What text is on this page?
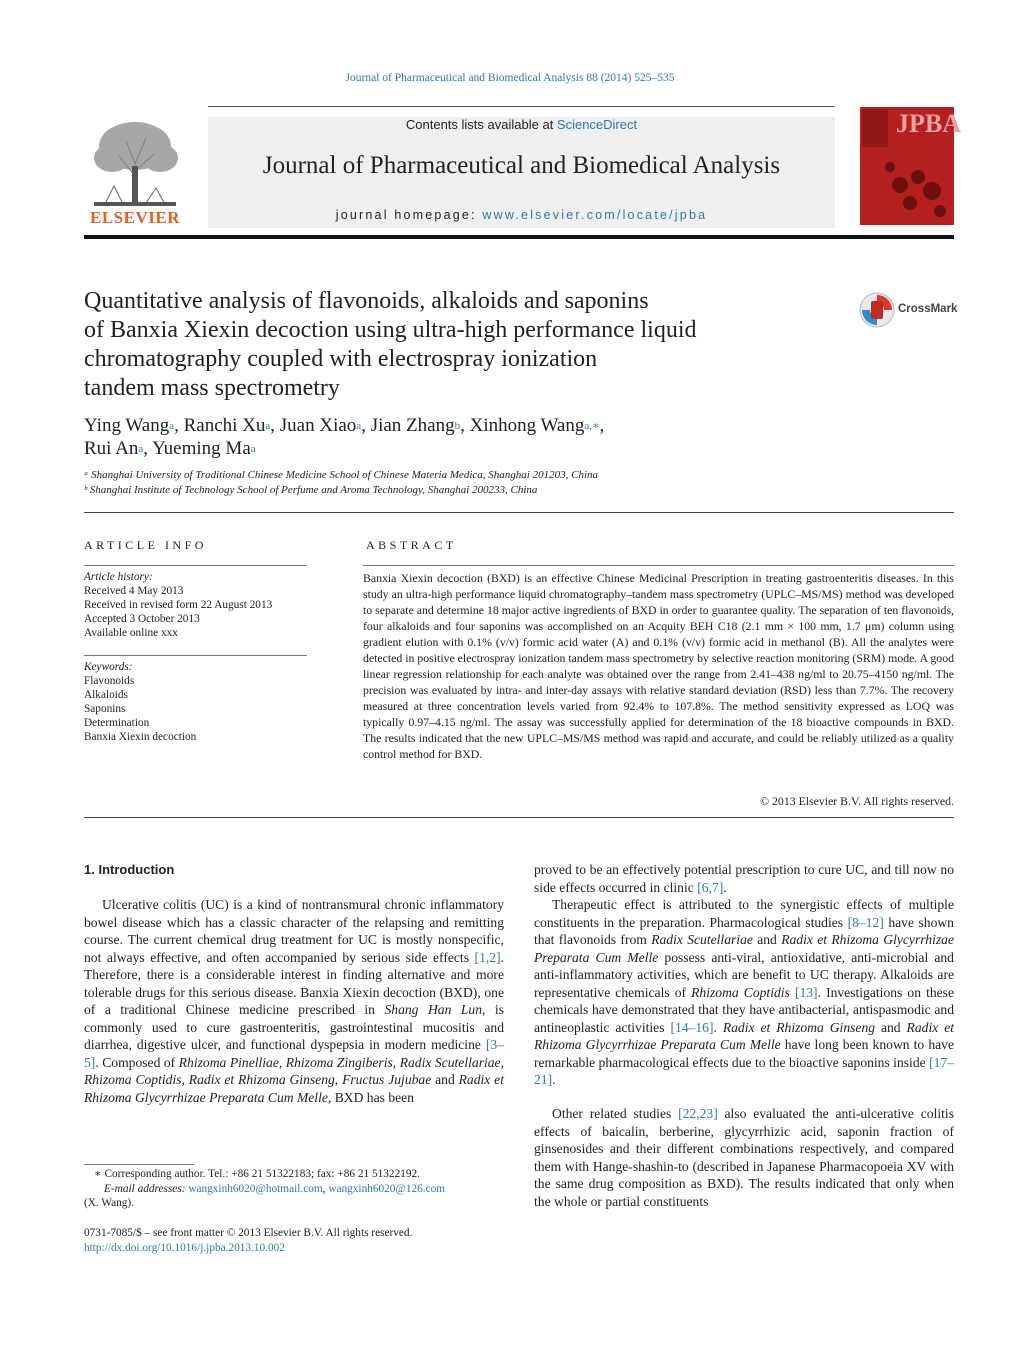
Journal of Pharmaceutical and Biomedical Analysis 88 (2014) 525–535
ELSEVIER
Contents lists available at ScienceDirect
Journal of Pharmaceutical and Biomedical Analysis
journal homepage: www.elsevier.com/locate/jpba
JPBA
Quantitative analysis of flavonoids, alkaloids and saponins
of Banxia Xiexin decoction using ultra-high performance liquid
chromatography coupled with electrospray ionization
tandem mass spectrometry
CrossMark
Ying Wang$^a$, Ranchi Xu$^a$, Juan Xiao$^a$, Jian Zhang$^b$, Xinhong Wang$^{a,∗}$,
Rui An$^a$, Yueming Ma$^a$
ᵃ Shanghai University of Traditional Chinese Medicine School of Chinese Materia Medica, Shanghai 201203, China
ᵇ Shanghai Institute of Technology School of Perfume and Aroma Technology, Shanghai 200233, China
ARTICLE INFO
Article history:
Received 4 May 2013
Received in revised form 22 August 2013
Accepted 3 October 2013
Available online xxx
Keywords:
Flavonoids
Alkaloids
Saponins
Determination
Banxia Xiexin decoction
ABSTRACT
Banxia Xiexin decoction (BXD) is an effective Chinese Medicinal Prescription in treating gastroenteritis diseases. In this study an ultra-high performance liquid chromatography–tandem mass spectrometry (UPLC–MS/MS) method was developed to separate and determine 18 major active ingredients of BXD in order to guarantee quality. The separation of ten flavonoids, four alkaloids and four saponins was accomplished on an Acquity BEH C18 (2.1 mm × 100 mm, 1.7 μm) column using gradient elution with 0.1% (v/v) formic acid water (A) and 0.1% (v/v) formic acid in methanol (B). All the analytes were detected in positive electrospray ionization tandem mass spectrometry by selective reaction monitoring (SRM) mode. A good linear regression relationship for each analyte was obtained over the range from 2.41–438 ng/ml to 20.75–4150 ng/ml. The precision was evaluated by intra- and inter-day assays with relative standard deviation (RSD) less than 7.7%. The recovery measured at three concentration levels varied from 92.4% to 107.8%. The method sensitivity expressed as LOQ was typically 0.97–4.15 ng/ml. The assay was successfully applied for determination of the 18 bioactive compounds in BXD. The results indicated that the new UPLC–MS/MS method was rapid and accurate, and could be reliably utilized as a quality control method for BXD.
© 2013 Elsevier B.V. All rights reserved.
1. Introduction
Ulcerative colitis (UC) is a kind of nontransmural chronic inflammatory bowel disease which has a classic character of the relapsing and remitting course. The current chemical drug treatment for UC is mostly nonspecific, not always effective, and often accompanied by serious side effects [1,2]. Therefore, there is a considerable interest in finding alternative and more tolerable drugs for this serious disease. Banxia Xiexin decoction (BXD), one of a traditional Chinese medicine prescribed in Shang Han Lun, is commonly used to cure gastroenteritis, gastrointestinal mucositis and diarrhea, digestive ulcer, and functional dyspepsia in modern medicine [3–5]. Composed of Rhizoma Pinelliae, Rhizoma Zingiberis, Radix Scutellariae, Rhizoma Coptidis, Radix et Rhizoma Ginseng, Fructus Jujubae and Radix et Rhizoma Glycyrrhizae Preparata Cum Melle, BXD has been
proved to be an effectively potential prescription to cure UC, and till now no side effects occurred in clinic [6,7].
Therapeutic effect is attributed to the synergistic effects of multiple constituents in the preparation. Pharmacological studies [8–12] have shown that flavonoids from Radix Scutellariae and Radix et Rhizoma Glycyrrhizae Preparata Cum Melle possess anti-viral, antioxidative, anti-microbial and anti-inflammatory activities, which are benefit to UC therapy. Alkaloids are representative chemicals of Rhizoma Coptidis [13]. Investigations on these chemicals have demonstrated that they have antibacterial, antispasmodic and antineoplastic activities [14–16]. Radix et Rhizoma Ginseng and Radix et Rhizoma Glycyrrhizae Preparata Cum Melle have long been known to have remarkable pharmacological effects due to the bioactive saponins inside [17–21].
Other related studies [22,23] also evaluated the anti-ulcerative colitis effects of baicalin, berberine, glycyrrhizic acid, saponin fraction of ginsenosides and their different combinations respectively, and compared them with Hange-shashin-to (described in Japanese Pharmacopoeia XV with the same drug composition as BXD). The results indicated that only when the whole or partial constituents
∗ Corresponding author. Tel.: +86 21 51322183; fax: +86 21 51322192.
E-mail addresses: wangxinh6020@hotmail.com, wangxinh6020@126.com
(X. Wang).
0731-7085/$ – see front matter © 2013 Elsevier B.V. All rights reserved.
http://dx.doi.org/10.1016/j.jpba.2013.10.002
